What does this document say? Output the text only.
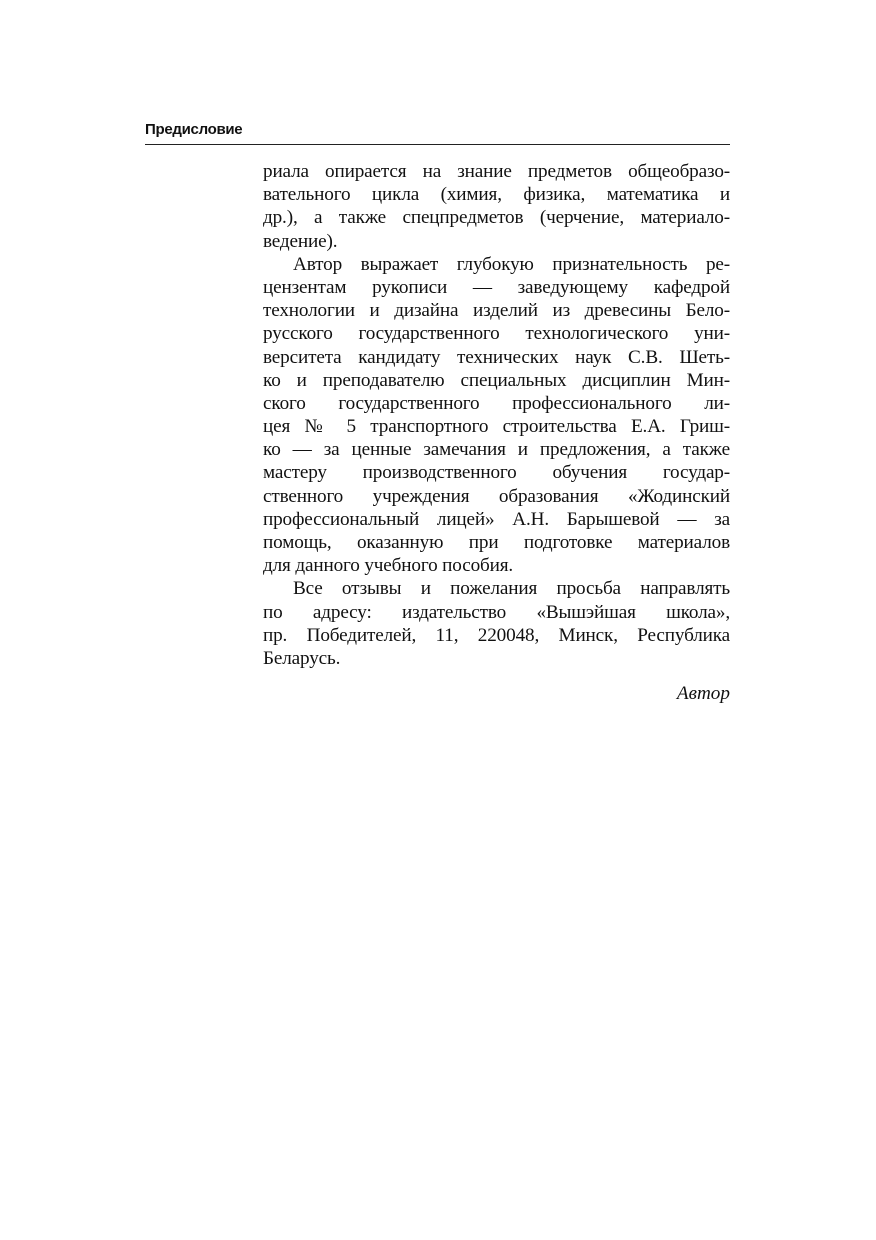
Предисловие
риала опирается на знание предметов общеобразо-
вательного цикла (химия, физика, математика и
др.), а также спецпредметов (черчение, материало-
ведение).
Автор выражает глубокую признательность ре-
цензентам рукописи — заведующему кафедрой
технологии и дизайна изделий из древесины Бело-
русского государственного технологического уни-
верситета кандидату технических наук С.В. Шеть-
ко и преподавателю специальных дисциплин Мин-
ского государственного профессионального ли-
цея № 5 транспортного строительства Е.А. Гриш-
ко — за ценные замечания и предложения, а также
мастеру производственного обучения государ-
ственного учреждения образования «Жодинский
профессиональный лицей» А.Н. Барышевой — за
помощь, оказанную при подготовке материалов
для данного учебного пособия.
Все отзывы и пожелания просьба направлять
по адресу: издательство «Вышэйшая школа»,
пр. Победителей, 11, 220048, Минск, Республика
Беларусь.
Автор
